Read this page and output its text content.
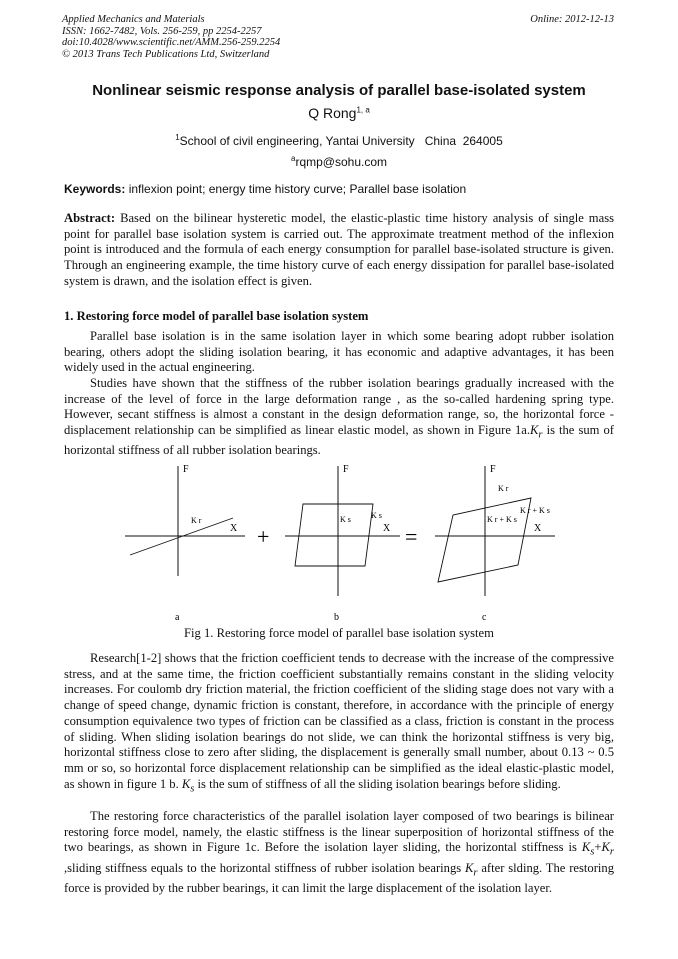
Applied Mechanics and Materials
ISSN: 1662-7482, Vols. 256-259, pp 2254-2257
doi:10.4028/www.scientific.net/AMM.256-259.2254
© 2013 Trans Tech Publications Ltd, Switzerland
Online: 2012-12-13
Nonlinear seismic response analysis of parallel base-isolated system
Q Rong$^{1, a}$
$^1$School of civil engineering, Yantai University   China  264005
$^a$rqmp@sohu.com
Keywords: inflexion point; energy time history curve; Parallel base isolation

Abstract: Based on the bilinear hysteretic model, the elastic-plastic time history analysis of single mass point for parallel base isolation system is carried out. The approximate treatment method of the inflexion point is introduced and the formula of each energy consumption for parallel base-isolated structure is given. Through an engineering example, the time history curve of each energy dissipation for parallel base-isolated system is drawn, and the isolation effect is given.

1. Restoring force model of parallel base isolation system

Parallel base isolation is in the same isolation layer in which some bearing adopt rubber isolation bearing, others adopt the sliding isolation bearing, it has economic and adaptive advantages, it has been widely used in the actual engineering.

Studies have shown that the stiffness of the rubber isolation bearings gradually increased with the increase of the level of force in the large deformation range , as the so-called hardening spring type. However, secant stiffness is almost a constant in the design deformation range, so, the horizontal force - displacement relationship can be simplified as linear elastic model, as shown in Figure $1a.K_r$ is the sum of horizontal stiffness of all rubber isolation bearings.

F
X
K r
a
+
F
X
K s	K s
b
=
F
X
K r
K r + K s
K r + K s
c
Fig 1. Restoring force model of parallel base isolation system

Research[1-2] shows that the friction coefficient tends to decrease with the increase of the compressive stress, and at the same time, the friction coefficient substantially remains constant in the sliding velocity increases. For coulomb dry friction material, the friction coefficient of the sliding stage does not vary with a change of speed change, dynamic friction is constant, therefore, in accordance with the principle of energy consumption equivalence two types of friction can be classified as a class, friction is constant in the process of sliding. When sliding isolation bearings do not slide, we can think the horizontal stiffness is very big, horizontal stiffness close to zero after sliding, the displacement is generally small number, about 0.13 ~ 0.5 mm or so, so horizontal force displacement relationship can be simplified as the ideal elastic-plastic model, as shown in figure 1 b. $K_s$ is the sum of stiffness of all the sliding isolation bearings before sliding.

The restoring force characteristics of the parallel isolation layer composed of two bearings is bilinear restoring force model, namely, the elastic stiffness is the linear superposition of horizontal stiffness of the two bearings, as shown in Figure 1c. Before the isolation layer sliding, the horizontal stiffness is $K_s+K_r$ ,sliding stiffness equals to the horizontal stiffness of rubber isolation bearings $K_r$ after slding. The restoring force is provided by the rubber bearings, it can limit the large displacement of the isolation layer.
